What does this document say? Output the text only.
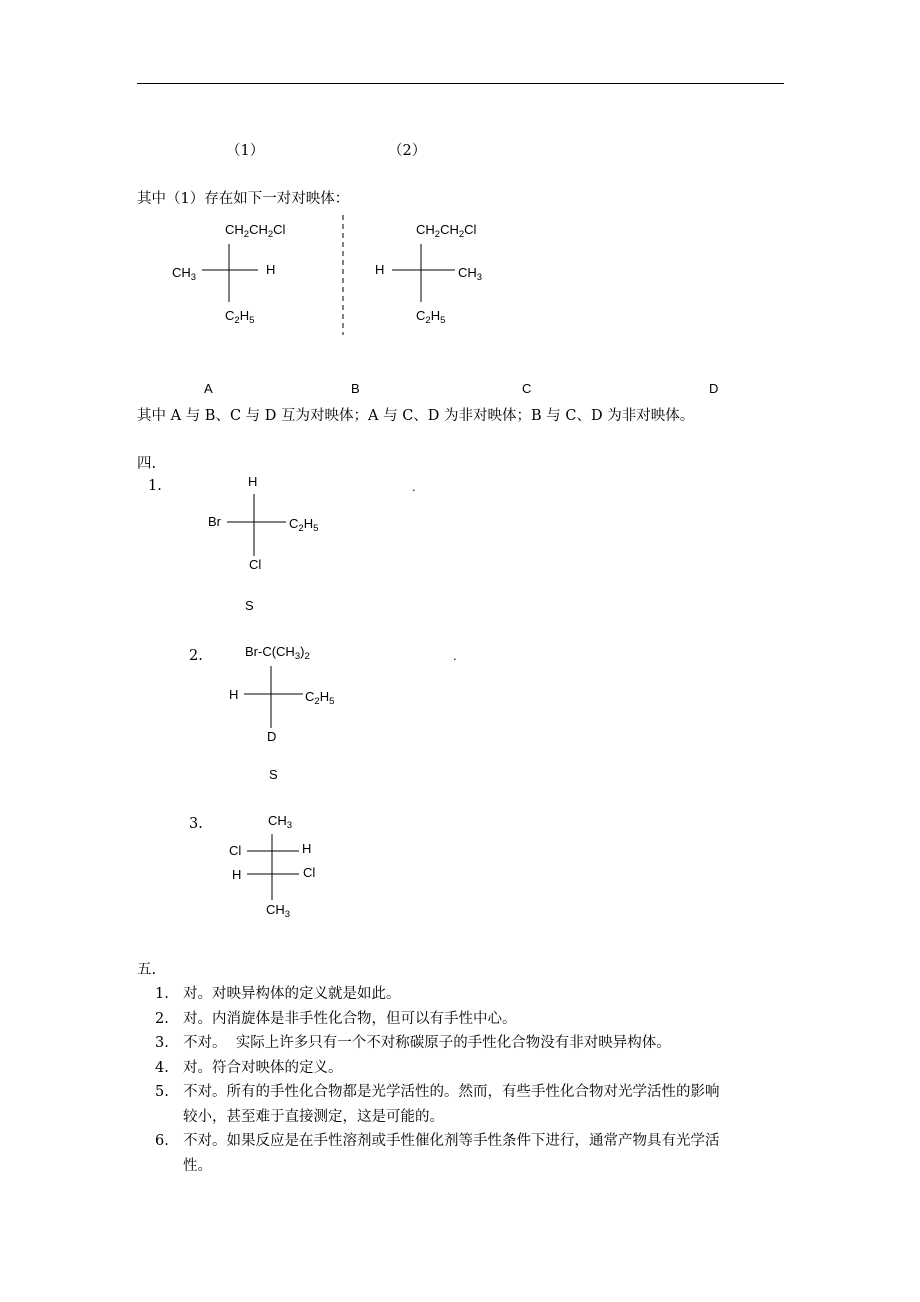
（1）	（2）
其中（1）存在如下一对对映体：
$CH_2CH_2Cl$
$CH_3$
H
$C_2H_5$
$CH_2CH_2Cl$
H	$CH_3$
$C_2H_5$
A	B	C	D
其中 A 与 B、C 与 D 互为对映体；A 与 C、D 为非对映体；B 与 C、D 为非对映体。
四.
1.	H
Br	$C_2H_5$
Cl
.
S
2.	$Br-C(CH_3)_2$
H	$C_2H_5$
D
.
S
3.	$CH_3$
Cl	H
H	Cl
$CH_3$
五.
1. 对。对映异构体的定义就是如此。
2. 对。内消旋体是非手性化合物，但可以有手性中心。
3. 不对。  实际上许多只有一个不对称碳原子的手性化合物没有非对映异构体。
4. 对。符合对映体的定义。
5. 不对。所有的手性化合物都是光学活性的。然而，有些手性化合物对光学活性的影响
较小，甚至难于直接测定，这是可能的。
6. 不对。如果反应是在手性溶剂或手性催化剂等手性条件下进行，通常产物具有光学活
性。
